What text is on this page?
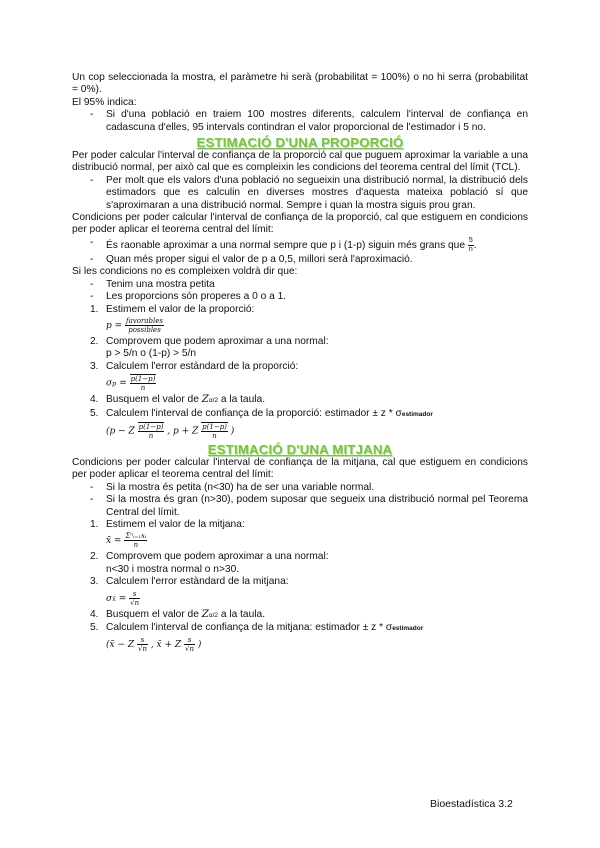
Un cop seleccionada la mostra, el paràmetre hi serà (probabilitat = 100%) o no hi serra (probabilitat = 0%).

El 95% indica:

- Si d'una població en traiem 100 mostres diferents, calculem l'interval de confiança en cadascuna d'elles, 95 intervals contindran el valor proporcional de l'estimador i 5 no.
ESTIMACIÓ D'UNA PROPORCIÓ

Per poder calcular l'interval de confiança de la proporció cal que puguem aproximar la variable a una distribució normal, per això cal que es compleixin les condicions del teorema central del límit (TCL).

- Per molt que els valors d'una població no segueixin una distribució normal, la distribució dels estimadors que es calculin en diverses mostres d'aquesta mateixa població sí que s'aproximaran a una distribució normal. Sempre i quan la mostra siguis prou gran.

Condicions per poder calcular l'interval de confiança de la proporció, cal que estiguem en condicions per poder aplicar el teorema central del límit:

- És raonable aproximar a una normal sempre que p i (1-p) siguin més grans que $\frac{5}{n}$ .
- Quan més proper sigui el valor de p a 0,5, millori serà l'aproximació.

Si les condicions no es compleixen voldrà dir que:

- Tenim una mostra petita
- Les proporcions són properes a 0 o a 1.
1. Estimem el valor de la proporció:
$p = \frac{\text{favorables}}{\text{possibles}}$
2. Comprovem que podem aproximar a una normal:
p > 5/n o (1-p) > 5/n
3. Calculem l'error estàndard de la proporció:
$\sigma p = \frac{p(1-p)}{n}$
4. Busquem el valor de Zα/2 a la taula.
5. Calculem l'interval de confiança de la proporció: estimador ± z * σestimador
(p − Z $\frac{p(1-p)}{n}$ , p + Z $\frac{p(1-p)}{n}$ )
ESTIMACIÓ D'UNA MITJANA

Condicions per poder calcular l'interval de confiança de la mitjana, cal que estiguem en condicions per poder aplicar el teorema central del límit:

- Si la mostra és petita (n<30) ha de ser una variable normal.
- Si la mostra és gran (n>30), podem suposar que segueix una distribució normal pel Teorema Central del límit.
1. Estimem el valor de la mitjana:
x̄ = $\frac{\text{Σⁿᵢ₌₁xᵢ}}{n}$
2. Comprovem que podem aproximar a una normal:
n<30 i mostra normal o n>30.
3. Calculem l'error estàndard de la mitjana:
σx̄ = $\frac{s}{√n}$
4. Busquem el valor de Zα/2 a la taula.
5. Calculem l'interval de confiança de la mitjana: estimador ± z * σestimador
(x̄ − Z $\frac{s}{√n}$ , x̄ + Z $\frac{s}{√n}$ )
Bioestadística 3.2
